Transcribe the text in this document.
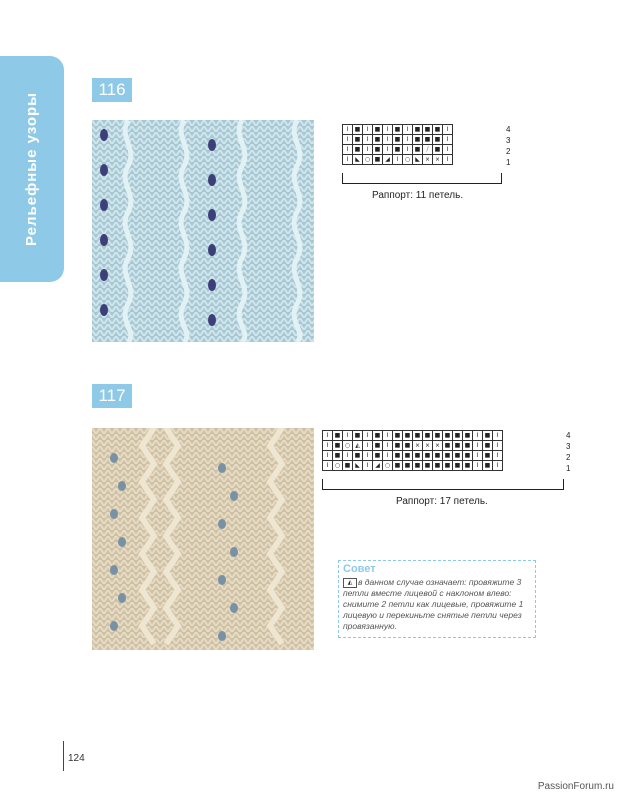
Рельефные узоры
116
I	■	I	■	I	■	I	■	■	■	I
I	■	I	■	I	■	I	■	■	■	I
I	■	I	■	I	■	I	■	⧸	■	I
I	◣	○	■	◢	I	○	◣	⨯	⨯	I
4
3
2
1
Раппорт: 11 петель.
117
I	■	I	■	I	■	I	■	■	■	■	■	■	■	■	I	■	I
I	■	○	◭	I	■	I	■	■	⨯	⨯	⨯	■	■	■	I	■	I
I	■	I	■	I	■	I	■	■	■	■	■	■	■	■	I	■	I
I	○	■	◣	I	◢	○	■	■	■	■	■	■	■	■	I	■	I
4
3
2
1
Раппорт: 17 петель.
Совет
◭ в данном случае означает: провяжите 3 петли вместе лицевой с наклоном влево: снимите 2 петли как лицевые, провяжите 1 лицевую и перекиньте снятые петли через провязанную.
124
PassionForum.ru
